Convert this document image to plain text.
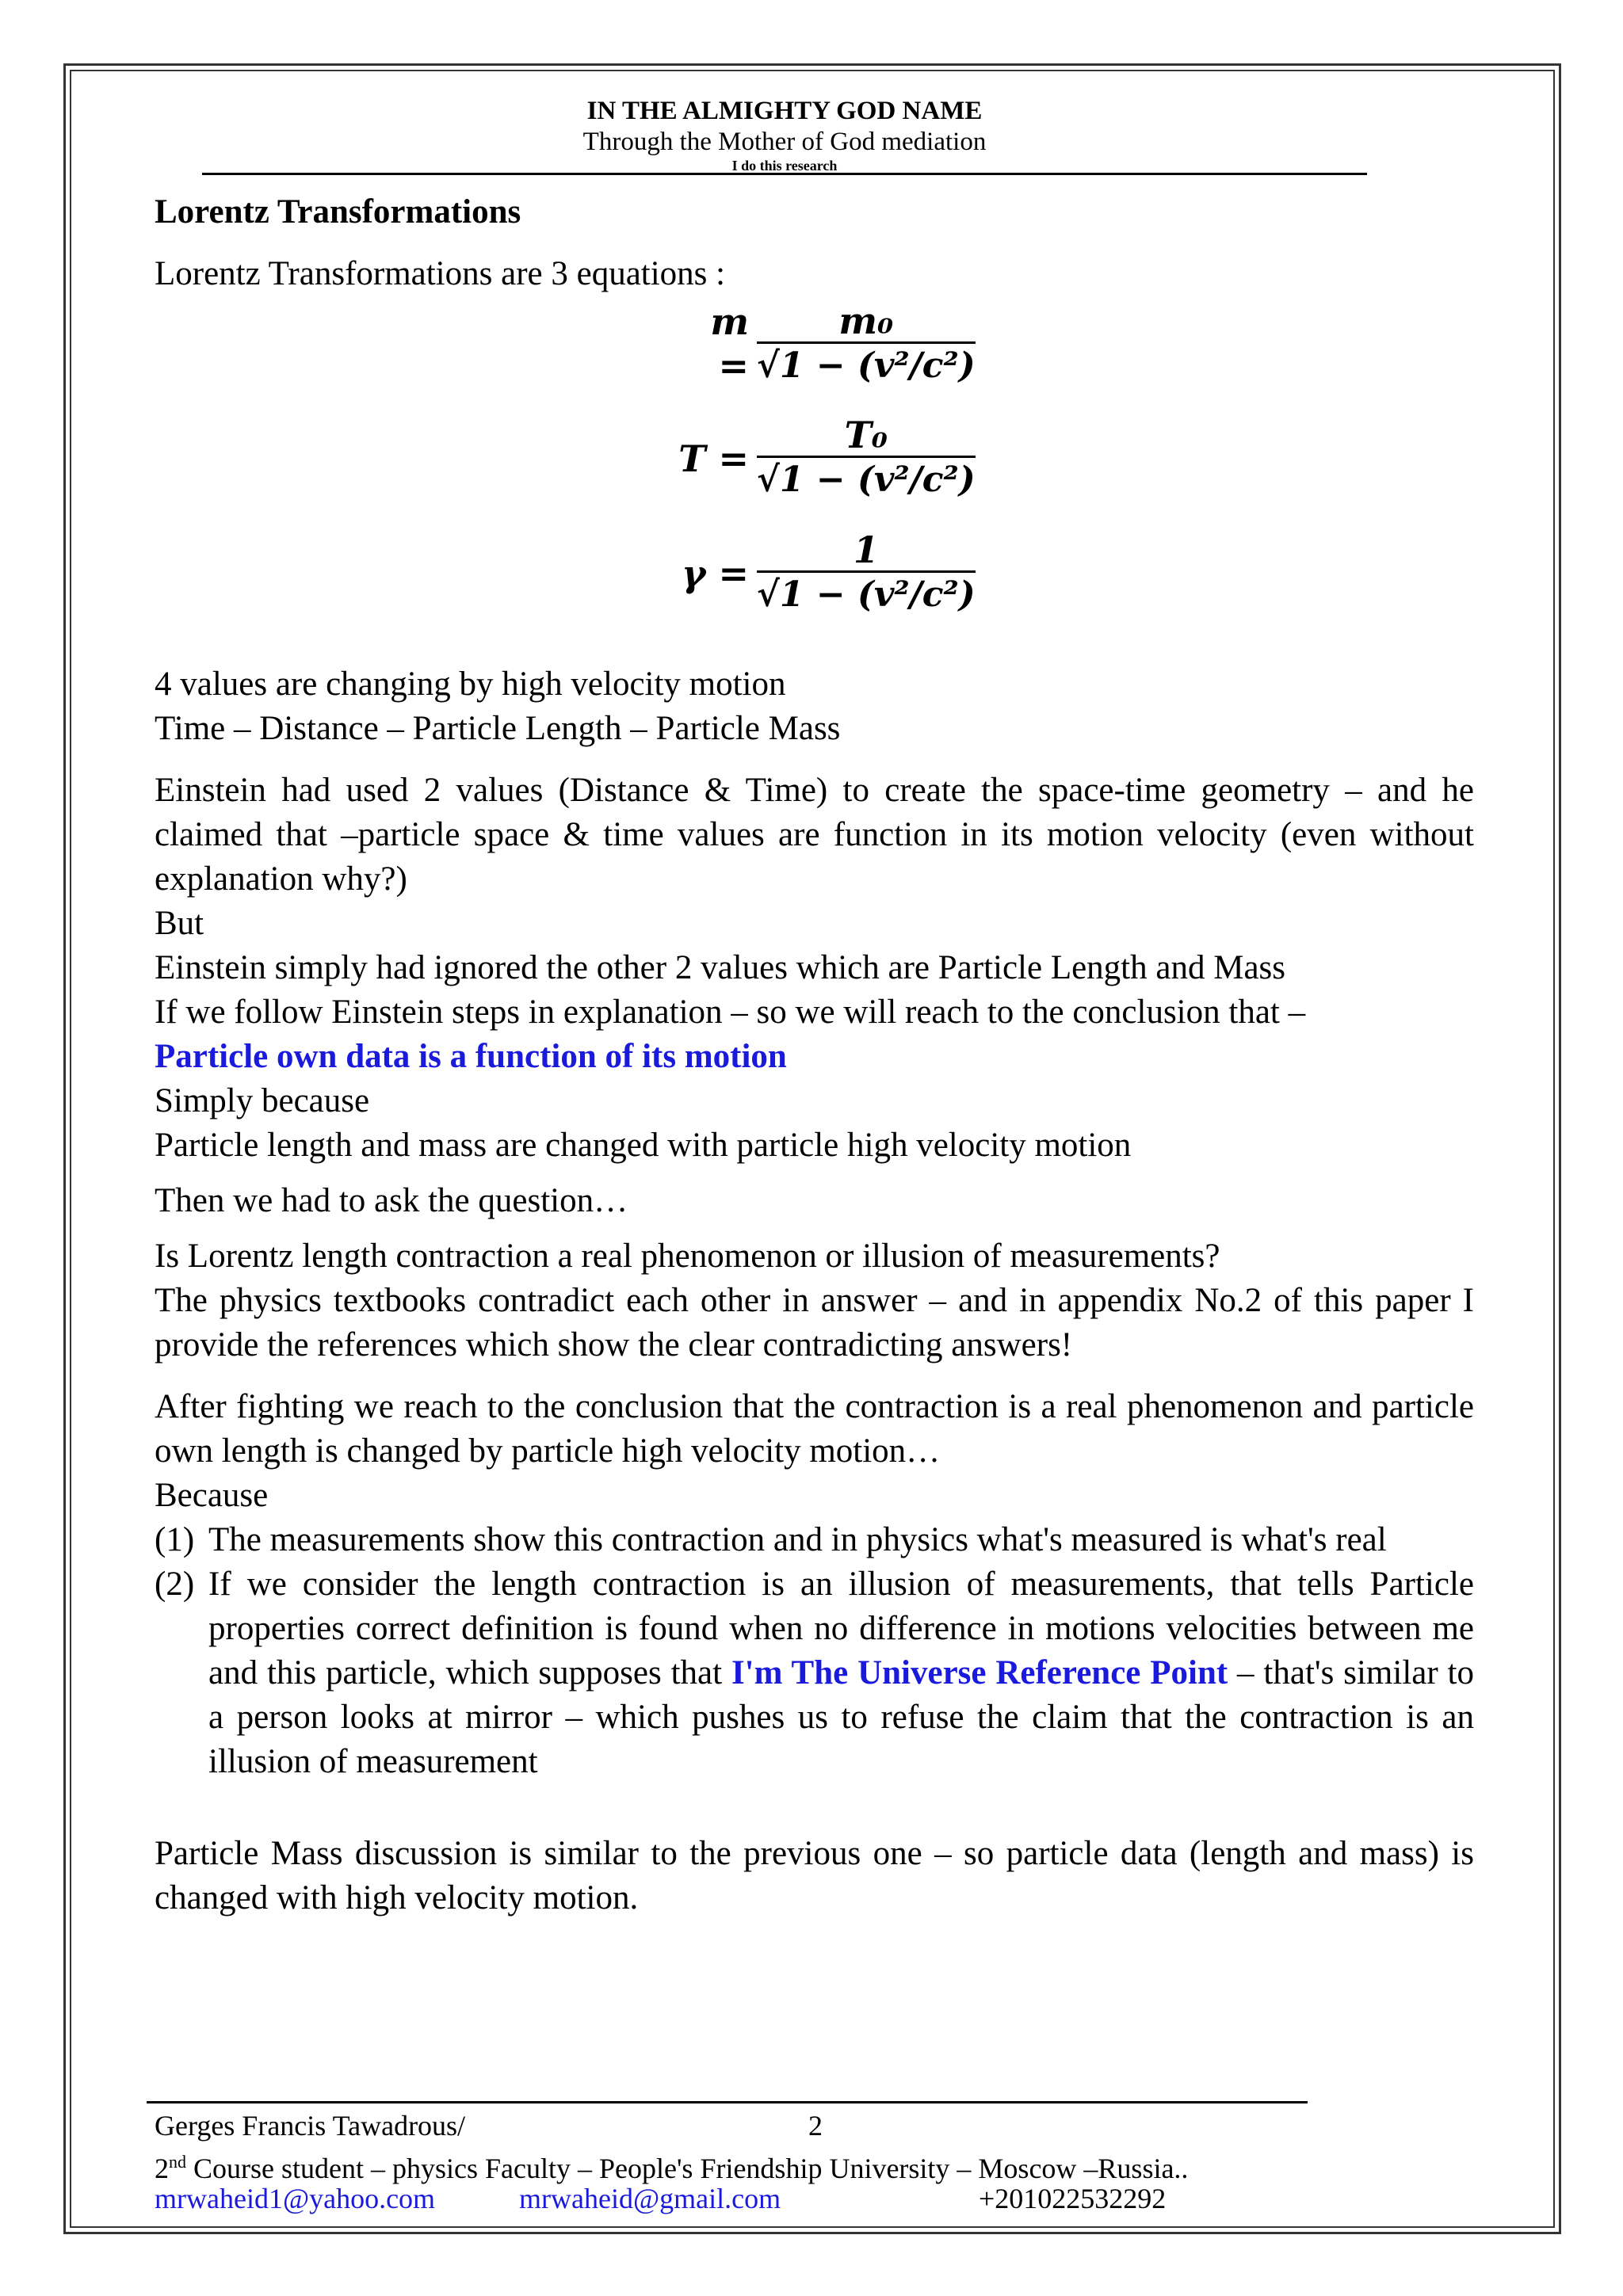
IN THE ALMIGHTY GOD NAME
Through the Mother of God mediation
I do this research

Lorentz Transformations

Lorentz Transformations are 3 equations :

$m = \frac{\text{m₀}}{\text{√1 − (v²/c²)}}$
$T = \frac{\text{T₀}}{\text{√1 − (v²/c²)}}$
$\gamma = \frac{1}{\text{√1 − (v²/c²)}}$

4 values are changing by high velocity motion

Time – Distance – Particle Length – Particle Mass

Einstein had used 2 values (Distance & Time) to create the space-time geometry – and he claimed that –particle space & time values are function in its motion velocity (even without explanation why?)

But

Einstein simply had ignored the other 2 values which are Particle Length and Mass

If we follow Einstein steps in explanation – so we will reach to the conclusion that –

Particle own data is a function of its motion

Simply because

Particle length and mass are changed with particle high velocity motion

Then we had to ask the question…

Is Lorentz length contraction a real phenomenon or illusion of measurements?

The physics textbooks contradict each other in answer – and in appendix No.2 of this paper I provide the references which show the clear contradicting answers!

After fighting we reach to the conclusion that the contraction is a real phenomenon and particle own length is changed by particle high velocity motion…

Because

(1) The measurements show this contraction and in physics what's measured is what's real
(2) If we consider the length contraction is an illusion of measurements, that tells Particle properties correct definition is found when no difference in motions velocities between me and this particle, which supposes that I'm The Universe Reference Point – that's similar to a person looks at mirror – which pushes us to refuse the claim that the contraction is an illusion of measurement

Particle Mass discussion is similar to the previous one – so particle data (length and mass) is changed with high velocity motion.

Gerges Francis Tawadrous/	2
2nd Course student – physics Faculty – People's Friendship University – Moscow –Russia..
mrwaheid1@yahoo.com	mrwaheid@gmail.com	+201022532292
